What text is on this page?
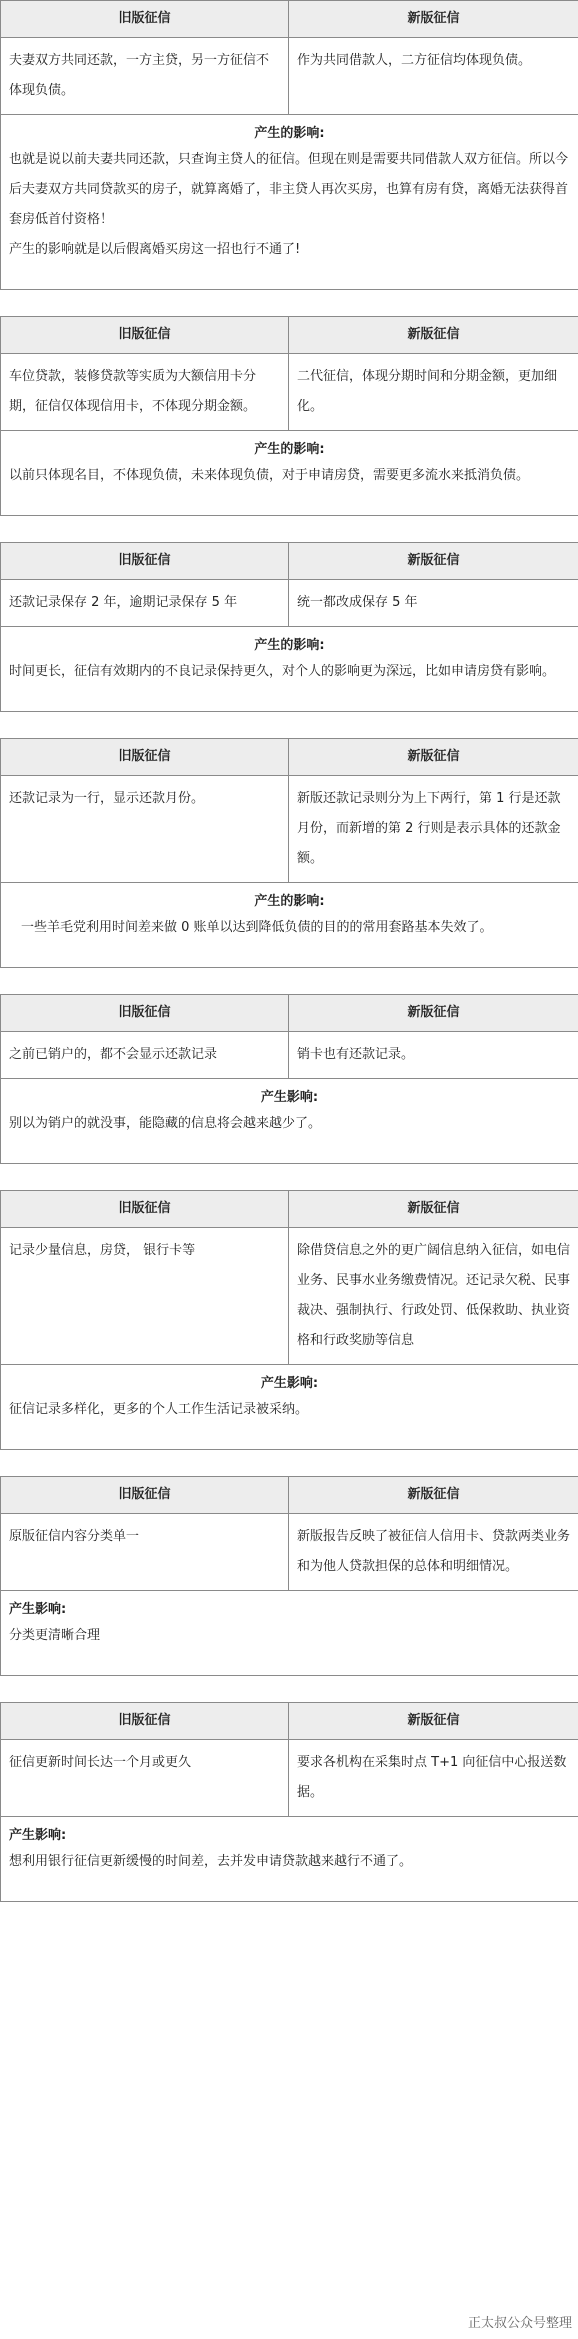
旧版征信	新版征信
夫妻双方共同还款，一方主贷，另一方征信不体现负债。	作为共同借款人，二方征信均体现负债。

产生的影响:
也就是说以前夫妻共同还款，只查询主贷人的征信。但现在则是需要共同借款人双方征信。所以今后夫妻双方共同贷款买的房子，就算离婚了，非主贷人再次买房，也算有房有贷，离婚无法获得首套房低首付资格！
产生的影响就是以后假离婚买房这一招也行不通了!	
旧版征信	新版征信
车位贷款，装修贷款等实质为大额信用卡分期，征信仅体现信用卡，不体现分期金额。	二代征信，体现分期时间和分期金额，更加细化。

产生的影响:
以前只体现名目，不体现负债，未来体现负债，对于申请房贷，需要更多流水来抵消负债。	
旧版征信	新版征信
还款记录保存 2 年，逾期记录保存 5 年	统一都改成保存 5 年

产生的影响:
时间更长，征信有效期内的不良记录保持更久，对个人的影响更为深远，比如申请房贷有影响。	
旧版征信	新版征信
还款记录为一行，显示还款月份。	新版还款记录则分为上下两行，第 1 行是还款月份，而新增的第 2 行则是表示具体的还款金额。

产生的影响:
一些羊毛党利用时间差来做 0 账单以达到降低负债的目的的常用套路基本失效了。	
旧版征信	新版征信
之前已销户的，都不会显示还款记录	销卡也有还款记录。

产生影响:
别以为销户的就没事，能隐藏的信息将会越来越少了。	
旧版征信	新版征信
记录少量信息，房贷， 银行卡等	除借贷信息之外的更广阔信息纳入征信，如电信业务、民事水业务缴费情况。还记录欠税、民事裁决、强制执行、行政处罚、低保救助、执业资格和行政奖励等信息

产生影响:
征信记录多样化，更多的个人工作生活记录被采纳。	
旧版征信	新版征信
原版征信内容分类单一	新版报告反映了被征信人信用卡、贷款两类业务和为他人贷款担保的总体和明细情况。

产生影响:
分类更清晰合理	
旧版征信	新版征信
征信更新时间长达一个月或更久	要求各机构在采集时点 T+1 向征信中心报送数据。

产生影响:
想利用银行征信更新缓慢的时间差，去并发申请贷款越来越行不通了。	
正太叔公众号整理
